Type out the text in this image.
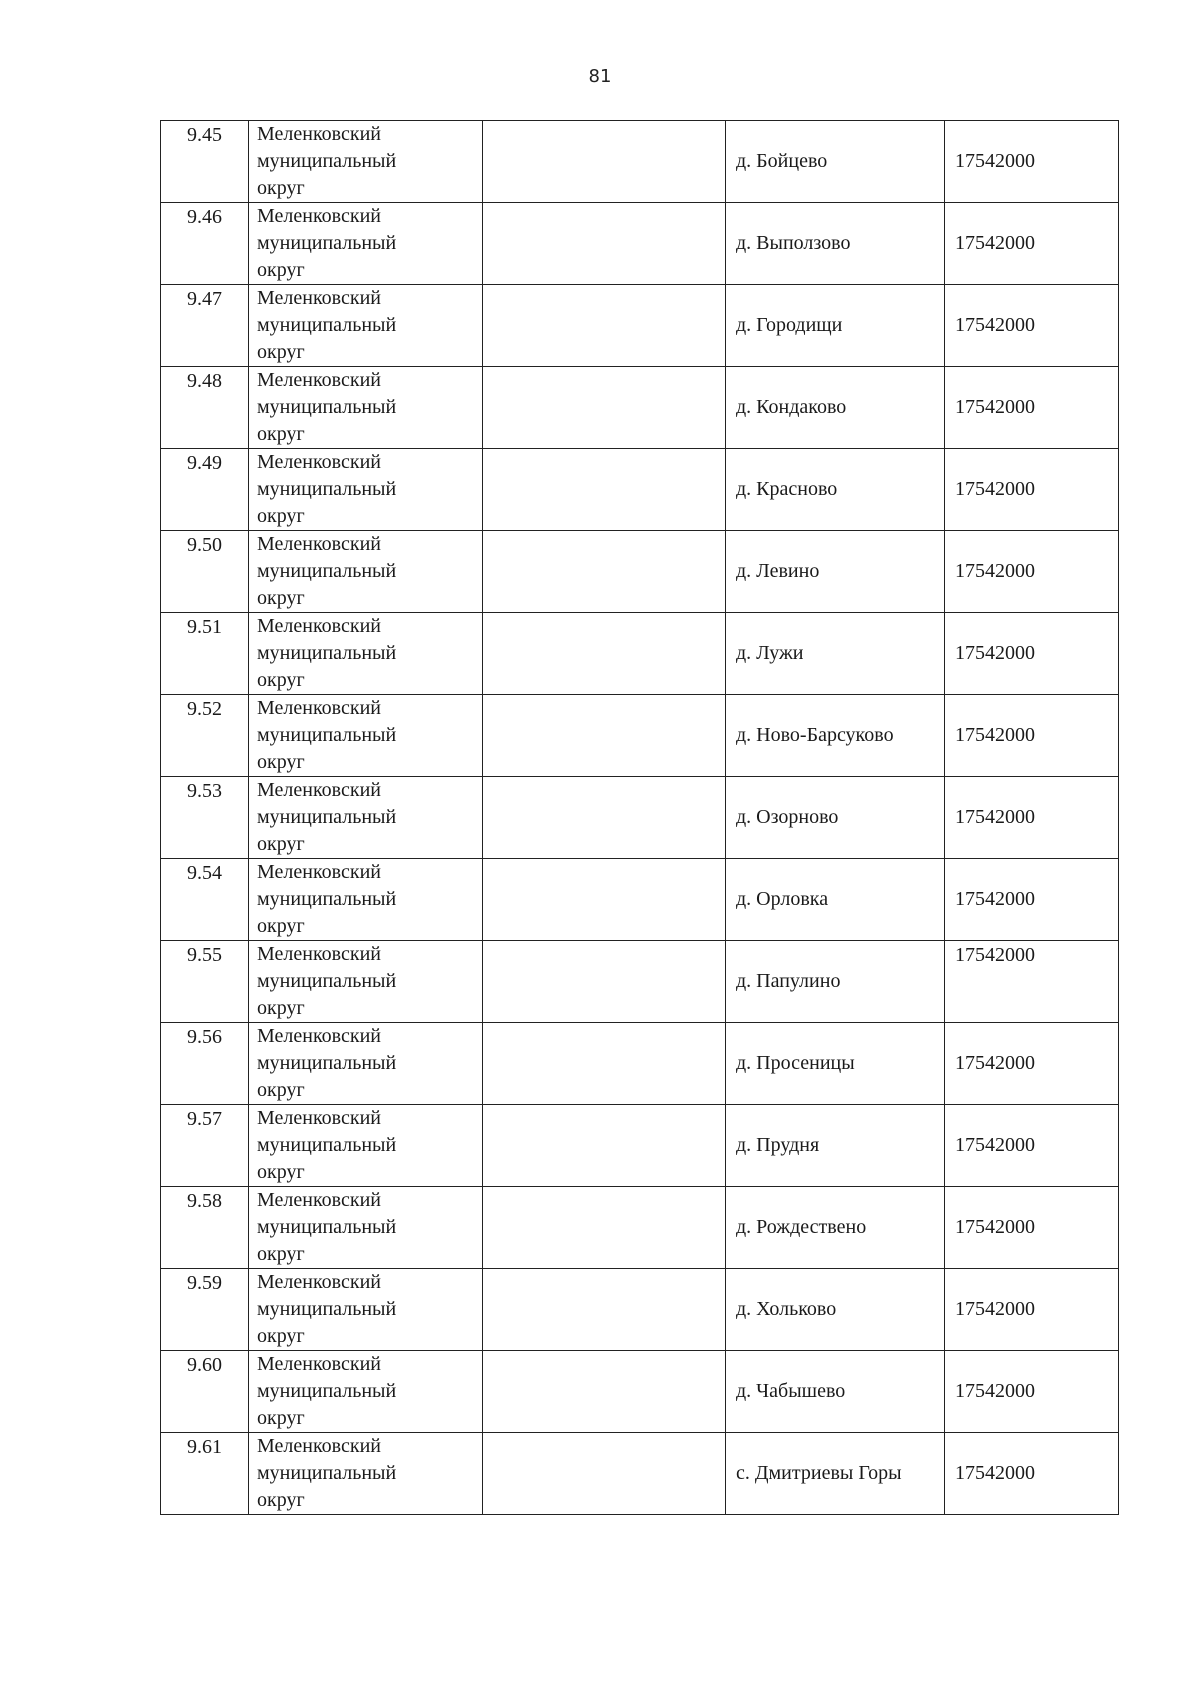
81
9.45	Меленковский
муниципальный
округ		д. Бойцево	17542000
9.46	Меленковский
муниципальный
округ		д. Выползово	17542000
9.47	Меленковский
муниципальный
округ		д. Городищи	17542000
9.48	Меленковский
муниципальный
округ		д. Кондаково	17542000
9.49	Меленковский
муниципальный
округ		д. Красново	17542000
9.50	Меленковский
муниципальный
округ		д. Левино	17542000
9.51	Меленковский
муниципальный
округ		д. Лужи	17542000
9.52	Меленковский
муниципальный
округ		д. Ново-Барсуково	17542000
9.53	Меленковский
муниципальный
округ		д. Озорново	17542000
9.54	Меленковский
муниципальный
округ		д. Орловка	17542000
9.55	Меленковский
муниципальный
округ		д. Папулино	17542000
9.56	Меленковский
муниципальный
округ		д. Просеницы	17542000
9.57	Меленковский
муниципальный
округ		д. Прудня	17542000
9.58	Меленковский
муниципальный
округ		д. Рождествено	17542000
9.59	Меленковский
муниципальный
округ		д. Хольково	17542000
9.60	Меленковский
муниципальный
округ		д. Чабышево	17542000
9.61	Меленковский
муниципальный
округ		с. Дмитриевы Горы	17542000
